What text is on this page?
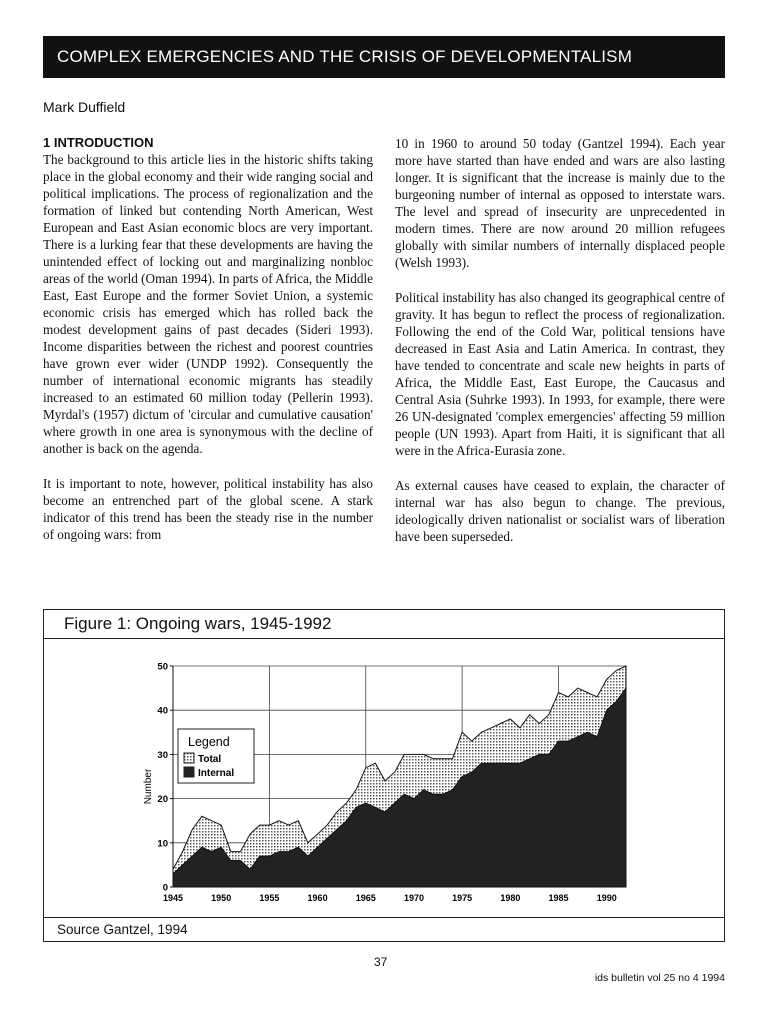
COMPLEX EMERGENCIES AND THE CRISIS OF DEVELOPMENTALISM
Mark Duffield
1 INTRODUCTION

The background to this article lies in the historic shifts taking place in the global economy and their wide ranging social and political implications. The process of regionalization and the formation of linked but contending North American, West European and East Asian economic blocs are very important. There is a lurking fear that these developments are having the unintended effect of locking out and marginalizing nonbloc areas of the world (Oman 1994). In parts of Africa, the Middle East, East Europe and the former Soviet Union, a systemic economic crisis has emerged which has rolled back the modest development gains of past decades (Sideri 1993). Income disparities between the richest and poorest countries have grown ever wider (UNDP 1992). Consequently the number of international economic migrants has steadily increased to an estimated 60 million today (Pellerin 1993). Myrdal's (1957) dictum of 'circular and cumulative causation' where growth in one area is synonymous with the decline of another is back on the agenda.

It is important to note, however, political instability has also become an entrenched part of the global scene. A stark indicator of this trend has been the steady rise in the number of ongoing wars: from

10 in 1960 to around 50 today (Gantzel 1994). Each year more have started than have ended and wars are also lasting longer. It is significant that the increase is mainly due to the burgeoning number of internal as opposed to interstate wars. The level and spread of insecurity are unprecedented in modern times. There are now around 20 million refugees globally with similar numbers of internally displaced people (Welsh 1993).

Political instability has also changed its geographical centre of gravity. It has begun to reflect the process of regionalization. Following the end of the Cold War, political tensions have decreased in East Asia and Latin America. In contrast, they have tended to concentrate and scale new heights in parts of Africa, the Middle East, East Europe, the Caucasus and Central Asia (Suhrke 1993). In 1993, for example, there were 26 UN-designated 'complex emergencies' affecting 59 million people (UN 1993). Apart from Haiti, it is significant that all were in the Africa-Eurasia zone.

As external causes have ceased to explain, the character of internal war has also begun to change. The previous, ideologically driven nationalist or socialist wars of liberation have been superseded.

Figure 1: Ongoing wars, 1945-1992
0
10
20
30
40
50
1945	1950	1955	1960	1965	1970	1975	1980	1985	1990
Number
Legend
Total
Internal
Source Gantzel, 1994
37
ids bulletin vol 25 no 4 1994
